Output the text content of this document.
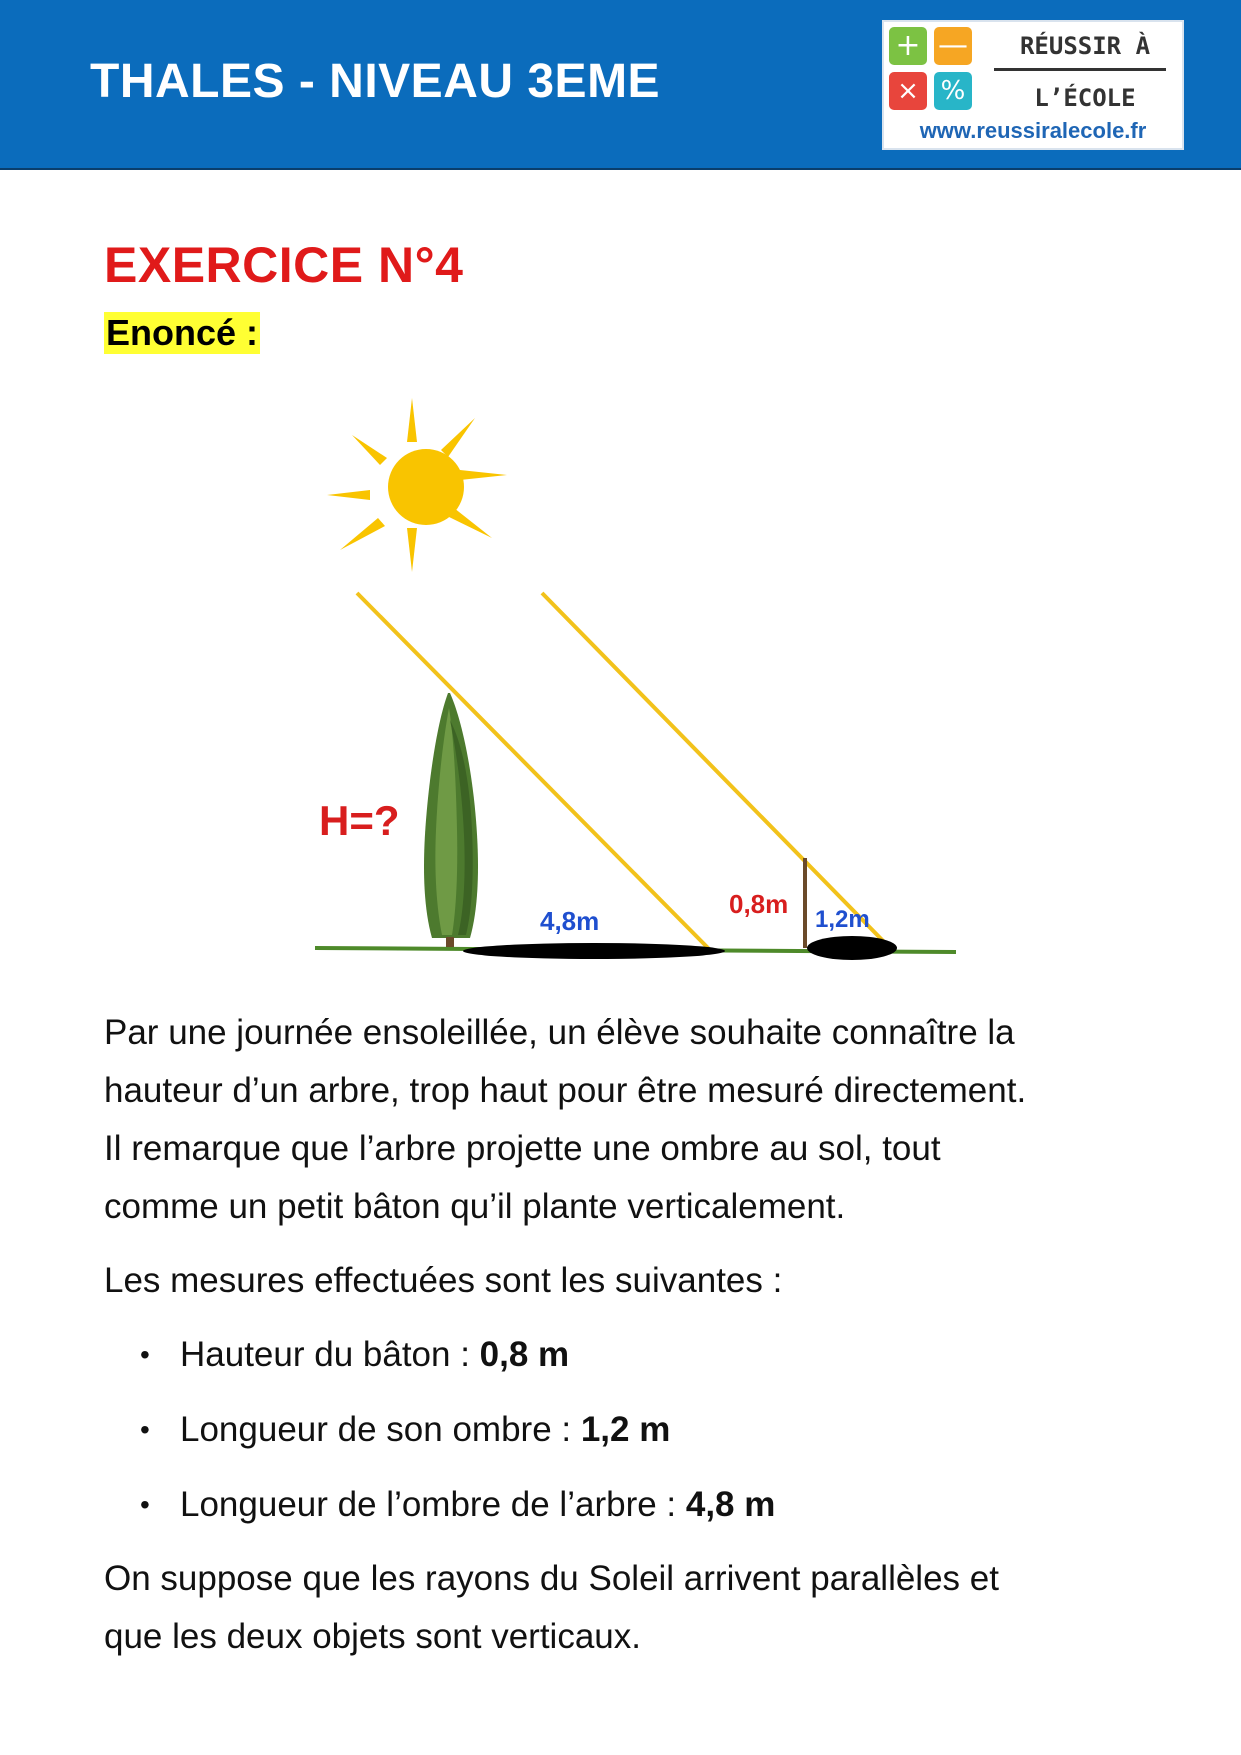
THALES - NIVEAU 3EME
+ —
× %
RÉUSSIR À
L’ÉCOLE
www.reussiralecole.fr
EXERCICE N°4
Enoncé :
H=?
4,8m
0,8m
1,2m

Par une journée ensoleillée, un élève souhaite connaître la

hauteur d’un arbre, trop haut pour être mesuré directement.

Il remarque que l’arbre projette une ombre au sol, tout

comme un petit bâton qu’il plante verticalement.

Les mesures effectuées sont les suivantes :
• Hauteur du bâton : 0,8 m
• Longueur de son ombre : 1,2 m
• Longueur de l’ombre de l’arbre : 4,8 m

On suppose que les rayons du Soleil arrivent parallèles et

que les deux objets sont verticaux.
